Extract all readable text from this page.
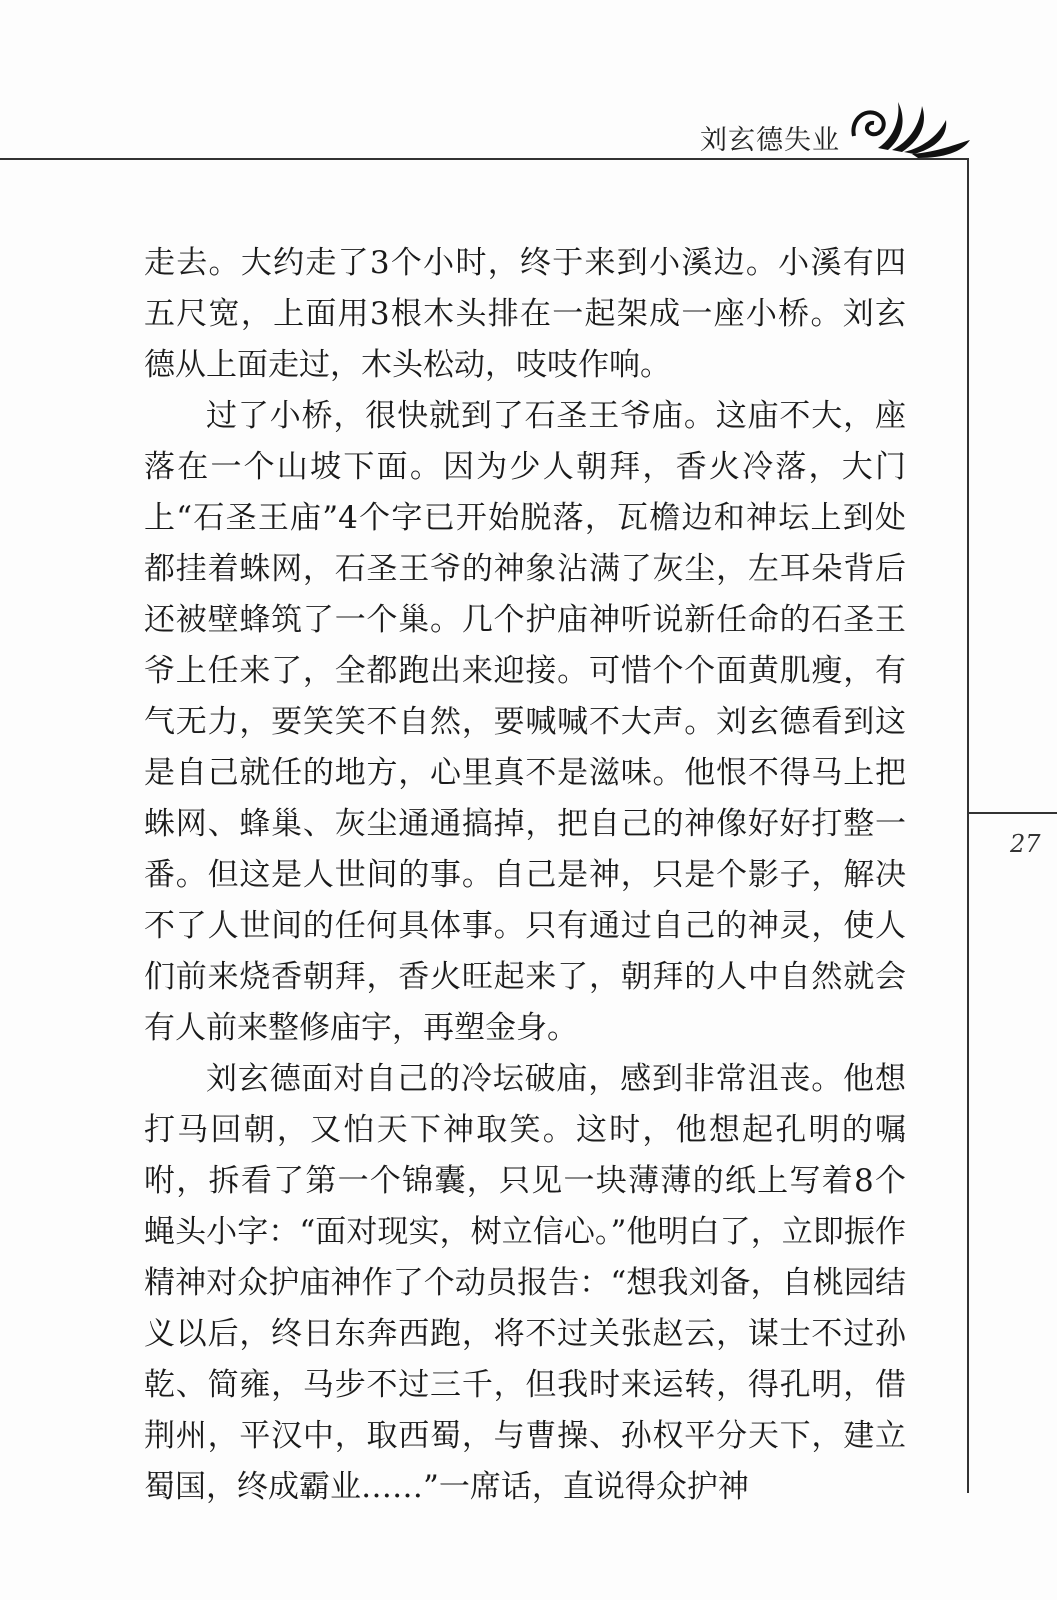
刘玄德失业
27

走去。大约走了3个小时，终于来到小溪边。小溪有四五尺宽，上面用3根木头排在一起架成一座小桥。刘玄德从上面走过，木头松动，吱吱作响。

过了小桥，很快就到了石圣王爷庙。这庙不大，座落在一个山坡下面。因为少人朝拜，香火冷落，大门上“石圣王庙”4个字已开始脱落，瓦檐边和神坛上到处都挂着蛛网，石圣王爷的神象沾满了灰尘，左耳朵背后还被壁蜂筑了一个巢。几个护庙神听说新任命的石圣王爷上任来了，全都跑出来迎接。可惜个个面黄肌瘦，有气无力，要笑笑不自然，要喊喊不大声。刘玄德看到这是自己就任的地方，心里真不是滋味。他恨不得马上把蛛网、蜂巢、灰尘通通搞掉，把自己的神像好好打整一番。但这是人世间的事。自己是神，只是个影子，解决不了人世间的任何具体事。只有通过自己的神灵，使人们前来烧香朝拜，香火旺起来了，朝拜的人中自然就会有人前来整修庙宇，再塑金身。

刘玄德面对自己的冷坛破庙，感到非常沮丧。他想打马回朝，又怕天下神取笑。这时，他想起孔明的嘱咐，拆看了第一个锦囊，只见一块薄薄的纸上写着8个蝇头小字：“面对现实，树立信心。”他明白了，立即振作精神对众护庙神作了个动员报告：“想我刘备，自桃园结义以后，终日东奔西跑，将不过关张赵云，谋士不过孙乾、简雍，马步不过三千，但我时来运转，得孔明，借荆州，平汉中，取西蜀，与曹操、孙权平分天下，建立蜀国，终成霸业……”一席话，直说得众护神
